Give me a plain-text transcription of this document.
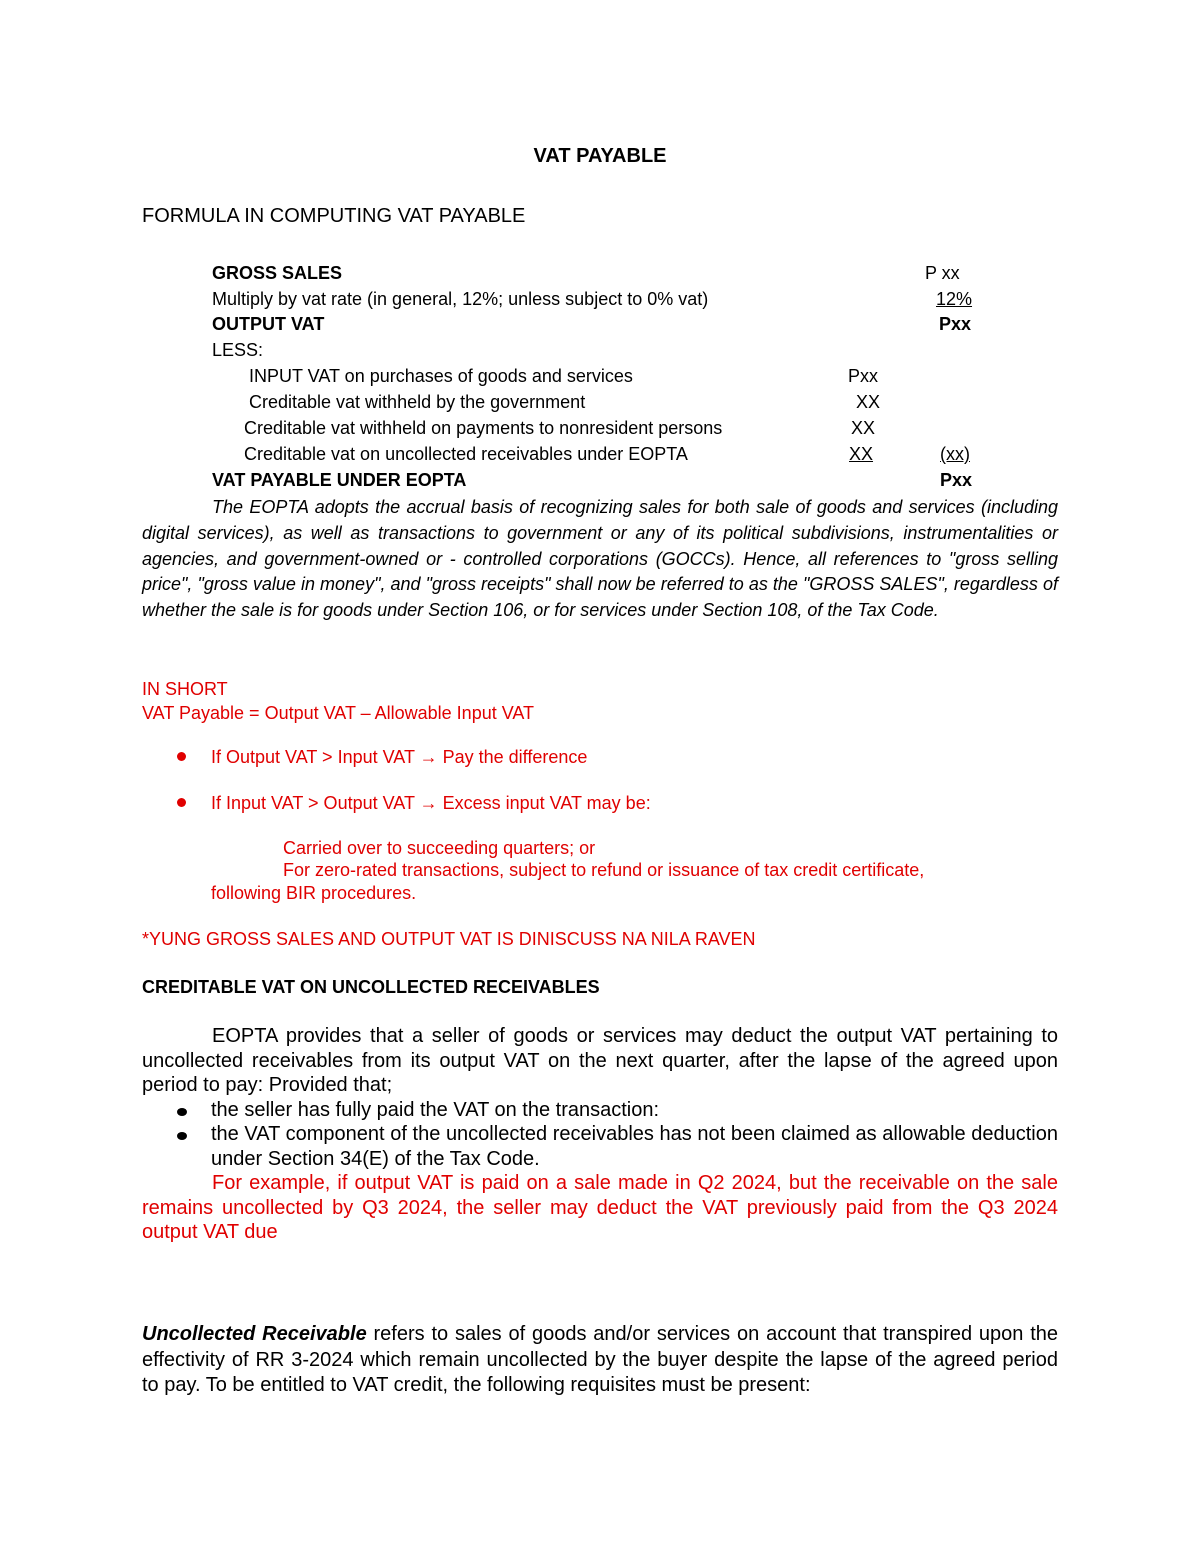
VAT PAYABLE

FORMULA IN COMPUTING VAT PAYABLE

GROSS SALES	P xx

Multiply by vat rate (in general, 12%; unless subject to 0% vat)	12%

OUTPUT VAT	Pxx

LESS:

INPUT VAT on purchases of goods and services	Pxx

Creditable vat withheld by the government	XX

Creditable vat withheld on payments to nonresident persons	XX

Creditable vat on uncollected receivables under EOPTA	XX	(xx)

VAT PAYABLE UNDER EOPTA	Pxx

The EOPTA adopts the accrual basis of recognizing sales for both sale of goods and services (including digital services), as well as transactions to government or any of its political subdivisions, instrumentalities or agencies, and government-owned or - controlled corporations (GOCCs). Hence, all references to "gross selling price", "gross value in money", and "gross receipts" shall now be referred to as the "GROSS SALES", regardless of whether the sale is for goods under Section 106, or for services under Section 108, of the Tax Code.

IN SHORT

VAT Payable = Output VAT – Allowable Input VAT

If Output VAT > Input VAT → Pay the difference

If Input VAT > Output VAT → Excess input VAT may be:

Carried over to succeeding quarters; or

For zero-rated transactions, subject to refund or issuance of tax credit certificate,

following BIR procedures.

*YUNG GROSS SALES AND OUTPUT VAT IS DINISCUSS NA NILA RAVEN

CREDITABLE VAT ON UNCOLLECTED RECEIVABLES

EOPTA provides that a seller of goods or services may deduct the output VAT pertaining to uncollected receivables from its output VAT on the next quarter, after the lapse of the agreed upon period to pay: Provided that;

the seller has fully paid the VAT on the transaction:

the VAT component of the uncollected receivables has not been claimed as allowable deduction under Section 34(E) of the Tax Code.

For example, if output VAT is paid on a sale made in Q2 2024, but the receivable on the sale remains uncollected by Q3 2024, the seller may deduct the VAT previously paid from the Q3 2024 output VAT due

Uncollected Receivable refers to sales of goods and/or services on account that transpired upon the effectivity of RR 3-2024 which remain uncollected by the buyer despite the lapse of the agreed period to pay. To be entitled to VAT credit, the following requisites must be present:
